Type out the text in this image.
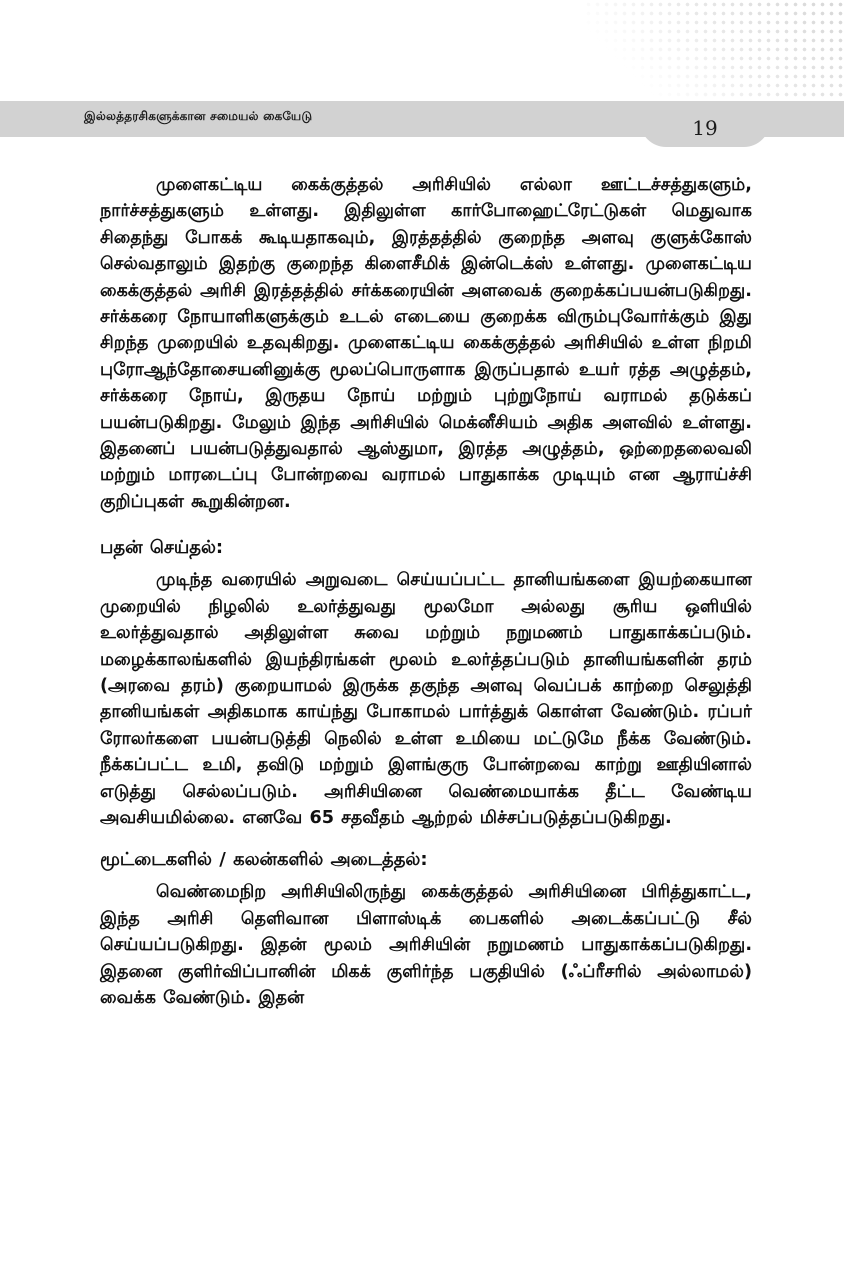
இல்லத்தரசிகளுக்கான சமையல் கையேடு	19

முளைகட்டிய கைக்குத்தல் அரிசியில் எல்லா ஊட்டச்சத்துகளும், நார்ச்சத்துகளும் உள்ளது. இதிலுள்ள கார்போஹைட்ரேட்டுகள் மெதுவாக சிதைந்து போகக் கூடியதாகவும், இரத்தத்தில் குறைந்த அளவு குளுக்கோஸ் செல்வதாலும் இதற்கு குறைந்த கிளைசீமிக் இன்டெக்ஸ் உள்ளது. முளைகட்டிய கைக்குத்தல் அரிசி இரத்தத்தில் சர்க்கரையின் அளவைக் குறைக்கப்பயன்படுகிறது. சர்க்கரை நோயாளிகளுக்கும் உடல் எடையை குறைக்க விரும்புவோர்க்கும் இது சிறந்த முறையில் உதவுகிறது. முளைகட்டிய கைக்குத்தல் அரிசியில் உள்ள நிறமி புரோஆந்தோசையனினுக்கு மூலப்பொருளாக இருப்பதால் உயர் ரத்த அழுத்தம், சர்க்கரை நோய், இருதய நோய் மற்றும் புற்றுநோய் வராமல் தடுக்கப் பயன்படுகிறது. மேலும் இந்த அரிசியில் மெக்னீசியம் அதிக அளவில் உள்ளது. இதனைப் பயன்படுத்துவதால் ஆஸ்துமா, இரத்த அழுத்தம், ஒற்றைதலைவலி மற்றும் மாரடைப்பு போன்றவை வராமல் பாதுகாக்க முடியும் என ஆராய்ச்சி குறிப்புகள் கூறுகின்றன.

பதன் செய்தல்:

முடிந்த வரையில் அறுவடை செய்யப்பட்ட தானியங்களை இயற்கையான முறையில் நிழலில் உலர்த்துவது மூலமோ அல்லது சூரிய ஒளியில் உலர்த்துவதால் அதிலுள்ள சுவை மற்றும் நறுமணம் பாதுகாக்கப்படும். மழைக்காலங்களில் இயந்திரங்கள் மூலம் உலர்த்தப்படும் தானியங்களின் தரம் (அரவை தரம்) குறையாமல் இருக்க தகுந்த அளவு வெப்பக் காற்றை செலுத்தி தானியங்கள் அதிகமாக காய்ந்து போகாமல் பார்த்துக் கொள்ள வேண்டும். ரப்பர் ரோலர்களை பயன்படுத்தி நெலில் உள்ள உமியை மட்டுமே நீக்க வேண்டும். நீக்கப்பட்ட உமி, தவிடு மற்றும் இளங்குரு போன்றவை காற்று ஊதியினால் எடுத்து செல்லப்படும். அரிசியினை வெண்மையாக்க தீட்ட வேண்டிய அவசியமில்லை. எனவே 65 சதவீதம் ஆற்றல் மிச்சப்படுத்தப்படுகிறது.

மூட்டைகளில் / கலன்களில் அடைத்தல்:

வெண்மைநிற அரிசியிலிருந்து கைக்குத்தல் அரிசியினை பிரித்துகாட்ட, இந்த அரிசி தெளிவான பிளாஸ்டிக் பைகளில் அடைக்கப்பட்டு சீல் செய்யப்படுகிறது. இதன் மூலம் அரிசியின் நறுமணம் பாதுகாக்கப்படுகிறது. இதனை குளிர்விப்பானின் மிகக் குளிர்ந்த பகுதியில் (ஃப்ரீசரில் அல்லாமல்) வைக்க வேண்டும். இதன்
